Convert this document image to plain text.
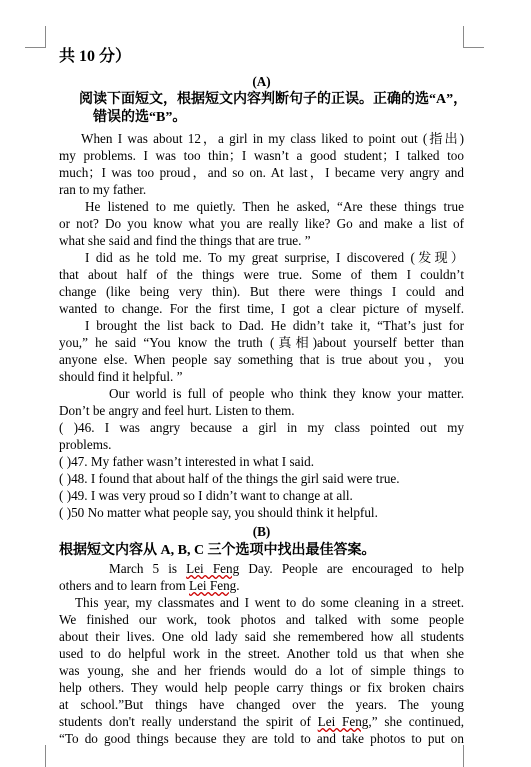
共 10 分）
(A)
阅读下面短文，根据短文内容判断句子的正误。正确的选“A”，
错误的选“B”。
When I was about 12，a girl in my class liked to point out (指出)
my problems. I was too thin；I wasn’t a good student；I talked too
much；I was too proud，and so on. At last，I became very angry and
ran to my father.
He listened to me quietly. Then he asked, “Are these things true
or not? Do you know what you are really like? Go and make a list of
what she said and find the things that are true. ”
I did as he told me. To my great surprise, I discovered (发现）
that about half of the things were true. Some of them I couldn’t
change (like being very thin). But there were things I could and
wanted to change. For the first time, I got a clear picture of myself.
I brought the list back to Dad. He didn’t take it, “That’s just for
you,” he said “You know the truth (真相)about yourself better than
anyone else. When people say something that is true about you，you
should find it helpful. ”
Our world is full of people who think they know your matter.
Don’t be angry and feel hurt. Listen to them.
( )46. I was angry because a girl in my class pointed out my
problems.
( )47. My father wasn’t interested in what I said.
( )48. I found that about half of the things the girl said were true.
( )49. I was very proud so I didn’t want to change at all.
( )50 No matter what people say, you should think it helpful.
(B)
根据短文内容从 A, B, C 三个选项中找出最佳答案。
March 5 is Lei Feng Day. People are encouraged to help
others and to learn from Lei Feng.
This year, my classmates and I went to do some cleaning in a street.
We finished our work, took photos and talked with some people
about their lives. One old lady said she remembered how all students
used to do helpful work in the street. Another told us that when she
was young, she and her friends would do a lot of simple things to
help others. They would help people carry things or fix broken chairs
at school.”But things have changed over the years. The young
students don't really understand the spirit of Lei Feng,” she continued,
“To do good things because they are told to and take photos to put on
